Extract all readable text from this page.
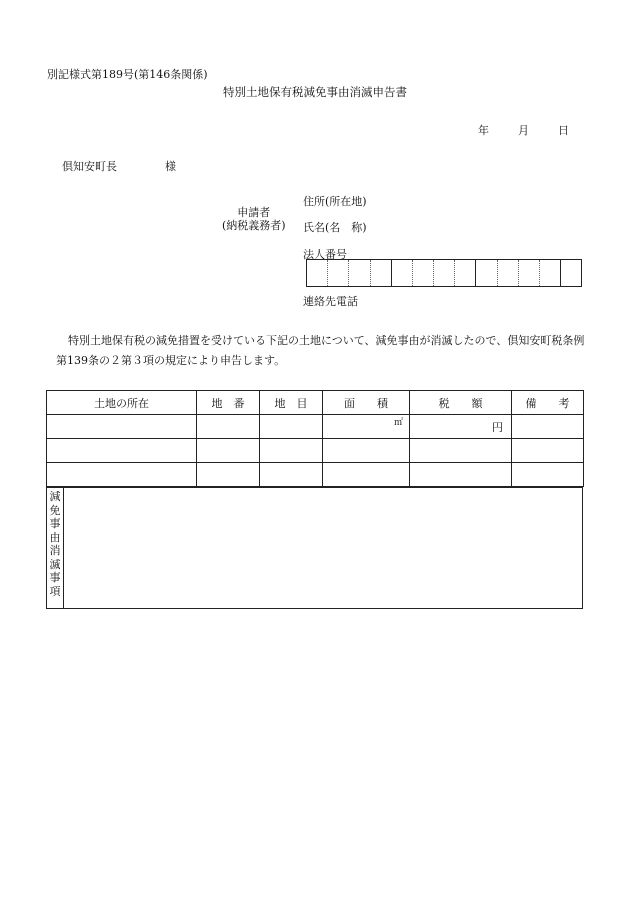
別記様式第189号(第146条関係)
特別土地保有税減免事由消滅申告書
年	月	日
倶知安町長	様
申請者
(納税義務者)
住所(所在地)
氏名(名　称)
法人番号
連絡先電話
特別土地保有税の減免措置を受けている下記の土地について、減免事由が消滅したので、倶知安町税条例第139条の２第３項の規定により申告します。
土地の所在	地　番	地　目	面　　積	税　　額	備　　考
			㎡	円	

減
免
事
由
消
滅
事
項
